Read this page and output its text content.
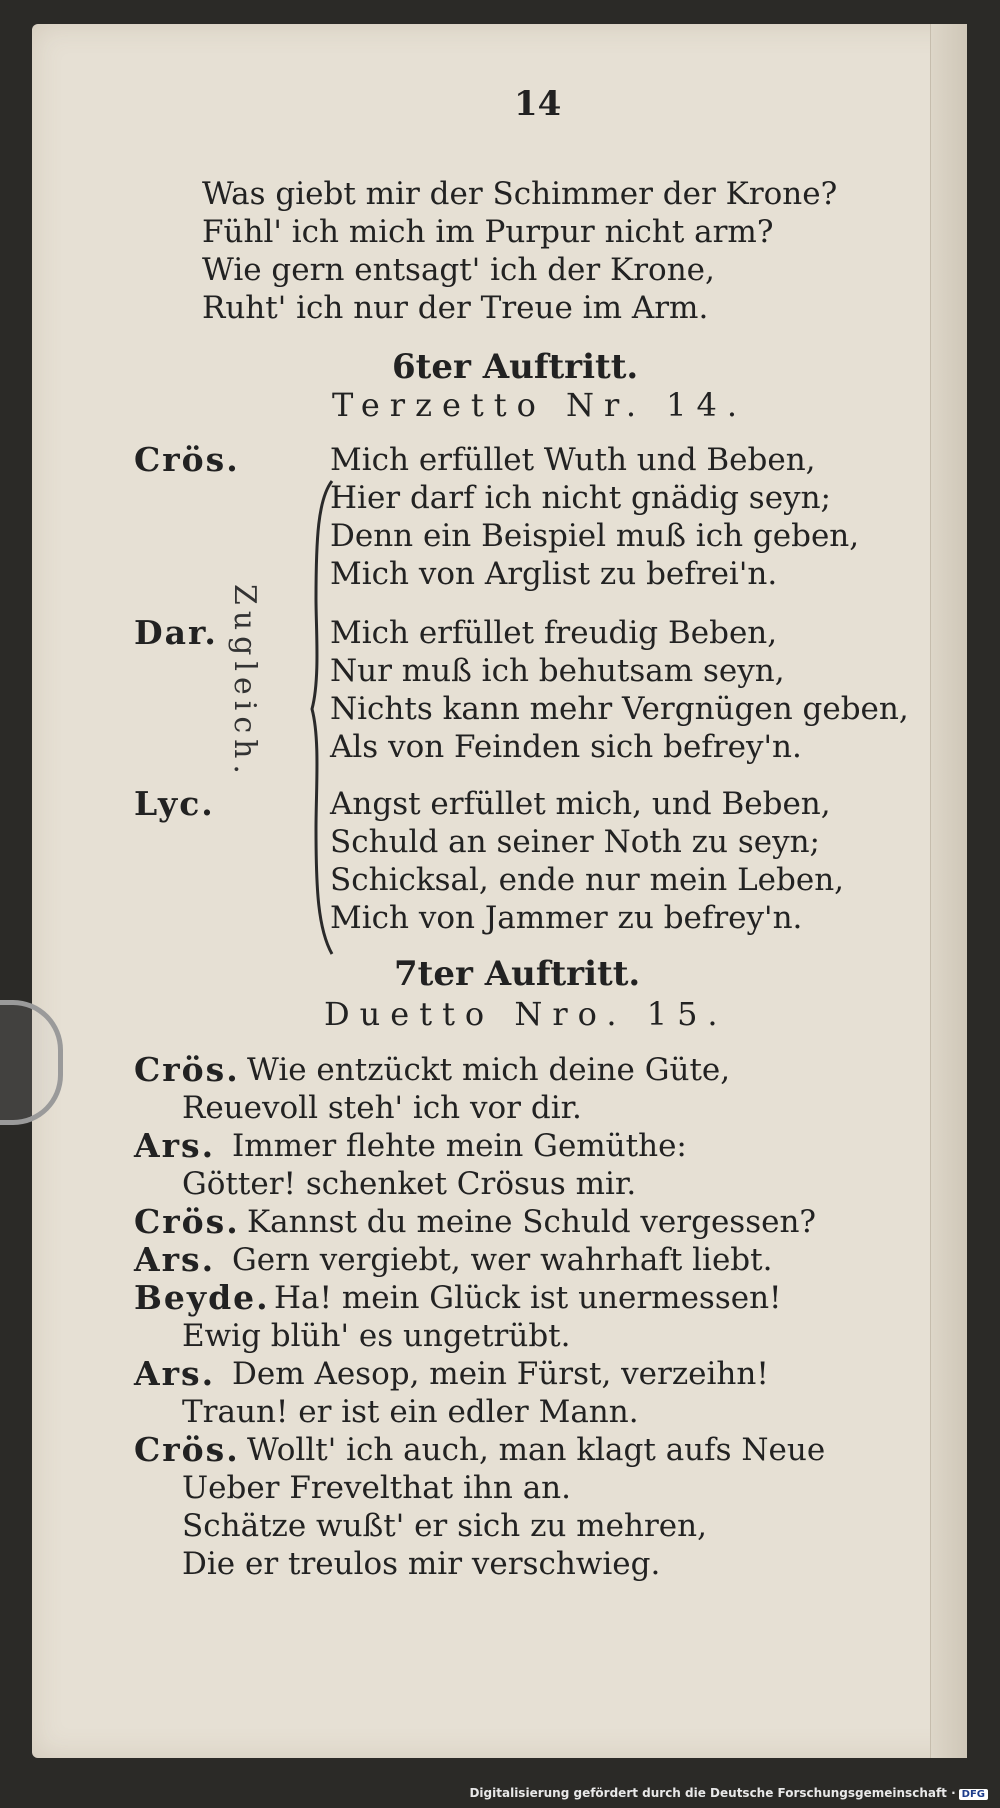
14
Was giebt mir der Schimmer der Krone?
Fühl' ich mich im Purpur nicht arm?
Wie gern entsagt' ich der Krone,
Ruht' ich nur der Treue im Arm.
6ter Auftritt.
Terzetto Nr. 14.
Crös.
Dar.
Lyc.
Zugleich.
Mich erfüllet Wuth und Beben,
Hier darf ich nicht gnädig seyn;
Denn ein Beispiel muß ich geben,
Mich von Arglist zu befrei'n.
Mich erfüllet freudig Beben,
Nur muß ich behutsam seyn,
Nichts kann mehr Vergnügen geben,
Als von Feinden sich befrey'n.
Angst erfüllet mich, und Beben,
Schuld an seiner Noth zu seyn;
Schicksal, ende nur mein Leben,
Mich von Jammer zu befrey'n.
7ter Auftritt.
Duetto Nro. 15.
Crös. Wie entzückt mich deine Güte,
Reuevoll steh' ich vor dir.
Ars. Immer flehte mein Gemüthe:
Götter! schenket Crösus mir.
Crös. Kannst du meine Schuld vergessen?
Ars. Gern vergiebt, wer wahrhaft liebt.
Beyde. Ha! mein Glück ist unermessen!
Ewig blüh' es ungetrübt.
Ars. Dem Aesop, mein Fürst, verzeihn!
Traun! er ist ein edler Mann.
Crös. Wollt' ich auch, man klagt aufs Neue
Ueber Frevelthat ihn an.
Schätze wußt' er sich zu mehren,
Die er treulos mir verschwieg.
Digitalisierung gefördert durch die Deutsche Forschungsgemeinschaft · DFG
